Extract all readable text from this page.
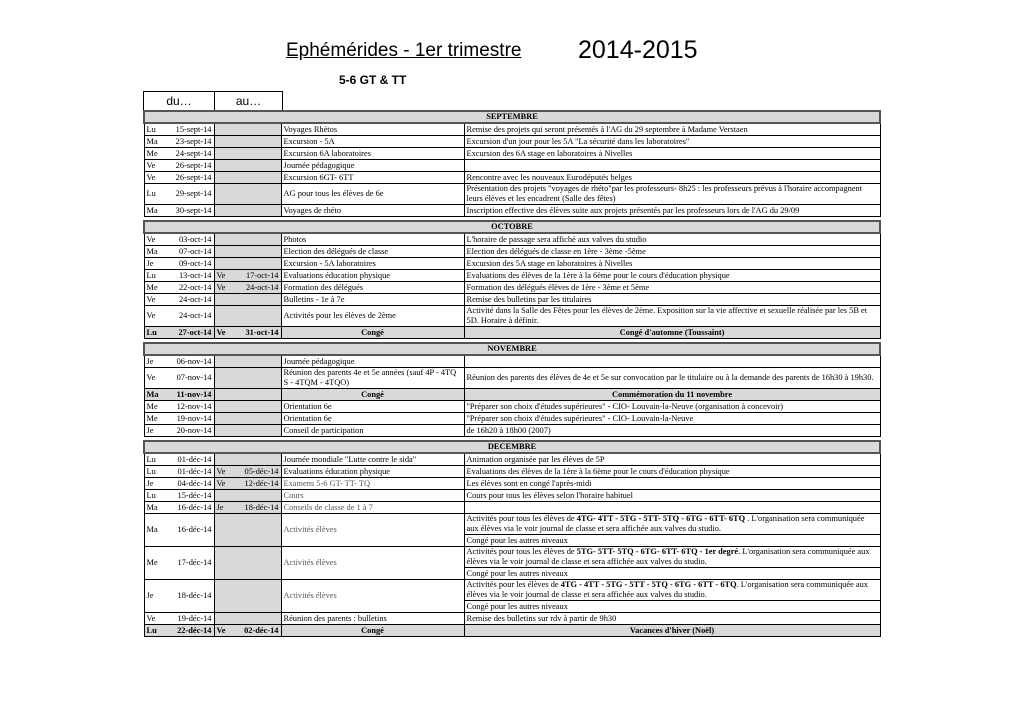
Ephémérides - 1er trimestre 2014-2015
5-6 GT & TT
du…	au…
SEPTEMBRE			

Lu 15-sept-14		Voyages Rhétos	Remise des projets qui seront présentés à l'AG du 29 septembre à Madame Verstaen

Ma 23-sept-14		Excursion - 5A	Excursion d'un jour pour les 5A "La sécurité dans les laboratoires"

Me 24-sept-14		Excursion 6A laboratoires	Excursion des 6A stage en laboratoires à Nivelles

Ve 26-sept-14		Journée pédagogique	

Ve 26-sept-14		Excursion 6GT- 6TT	Rencontre avec les nouveaux Eurodéputés belges

Lu 29-sept-14		AG pour tous les élèves de 6e	Présentation des projets "voyages de rhéto"par les professeurs- 8h25 : les professeurs prévus à l'horaire accompagnent leurs élèves et les encadrent (Salle des fêtes)

Ma 30-sept-14		Voyages de rhéto	Inscription effective des élèves suite aux projets présentés par les professeurs lors de l'AG du 29/09

OCTOBRE			

Ve 03-oct-14		Photos	L'horaire de passage sera affiché aux valves du studio

Ma 07-oct-14		Election des délégués de classe	Election des délégués de classe en 1ère - 3ème -5ème

Je 09-oct-14		Excursion - 5A laboratoires	Excursion des 5A stage en laboratoires à Nivelles

Lu 13-oct-14	Ve 17-oct-14	Evaluations éducation physique	Evaluations des élèves de la 1ère à la 6ème pour le cours d'éducation physique

Me 22-oct-14	Ve 24-oct-14	Formation des délégués	Formation des délégués élèves de 1ère - 3ème et 5ème

Ve 24-oct-14		Bulletins - 1e à 7e	Remise des bulletins par les titulaires

Ve 24-oct-14		Activités pour les élèves de 2ème	Activité dans la Salle des Fêtes pour les élèves de 2ème. Exposition sur la vie affective et sexuelle réalisée par les 5B et 5D. Horaire à définir.

Lu 27-oct-14	Ve 31-oct-14	Congé	Congé d'automne (Toussaint)

NOVEMBRE			

Je 06-nov-14		Journée pédagogique	

Ve 07-nov-14		Réunion des parents 4e et 5e années (sauf 4P - 4TQ S - 4TQM - 4TQO)	Réunion des parents des élèves de 4e et 5e sur convocation par le titulaire ou à la demande des parents de 16h30 à 19h30.

Ma 11-nov-14		Congé	Commémoration du 11 novembre

Me 12-nov-14		Orientation 6e	"Préparer son choix d'études supérieures" - CIO- Louvain-la-Neuve (organisation à concevoir)

Me 19-nov-14		Orientation 6e	"Préparer son choix d'études supérieures" - CIO- Louvain-la-Neuve

Je 20-nov-14		Conseil de participation	de 16h20 à 18h00 (2007)

DECEMBRE			

Lu 01-déc-14		Journée mondiale "Lutte contre le sida"	Animation organisée par les élèves de 5P

Lu 01-déc-14	Ve 05-déc-14	Evaluations éducation physique	Evaluations des élèves de la 1ère à la 6ème pour le cours d'éducation physique

Je 04-déc-14	Ve 12-déc-14	Examens 5-6 GT- TT- TQ	Les élèves sont en congé l'après-midi

Lu 15-déc-14		Cours	Cours pour tous les élèves selon l'horaire habituel

Ma 16-déc-14	Je 18-déc-14	Conseils de classe de 1 à 7	

Ma 16-déc-14		Activités élèves	Activités pour tous les élèves de 4TG- 4TT - 5TG - 5TT- 5TQ - 6TG - 6TT- 6TQ . L'organisation sera communiquée aux élèves via le voir journal de classe et sera affichée aux valves du studio.
			Congé pour les autres niveaux

Me 17-déc-14		Activités élèves	Activités pour tous les élèves de 5TG- 5TT- 5TQ - 6TG- 6TT- 6TQ - 1er degré. L'organisation sera communiquée aux élèves via le voir journal de classe et sera affichée aux valves du studio.
			Congé pour les autres niveaux

Je 18-déc-14		Activités élèves	Activités pour les élèves de 4TG - 4TT - 5TG - 5TT - 5TQ - 6TG - 6TT - 6TQ. L'organisation sera communiquée aux élèves via le voir journal de classe et sera affichée aux valves du studio.
			Congé pour les autres niveaux

Ve 19-déc-14		Réunion des parents : bulletins	Remise des bulletins sur rdv à partir de 9h30

Lu 22-déc-14	Ve 02-déc-14	Congé	Vacances d'hiver (Noël)
